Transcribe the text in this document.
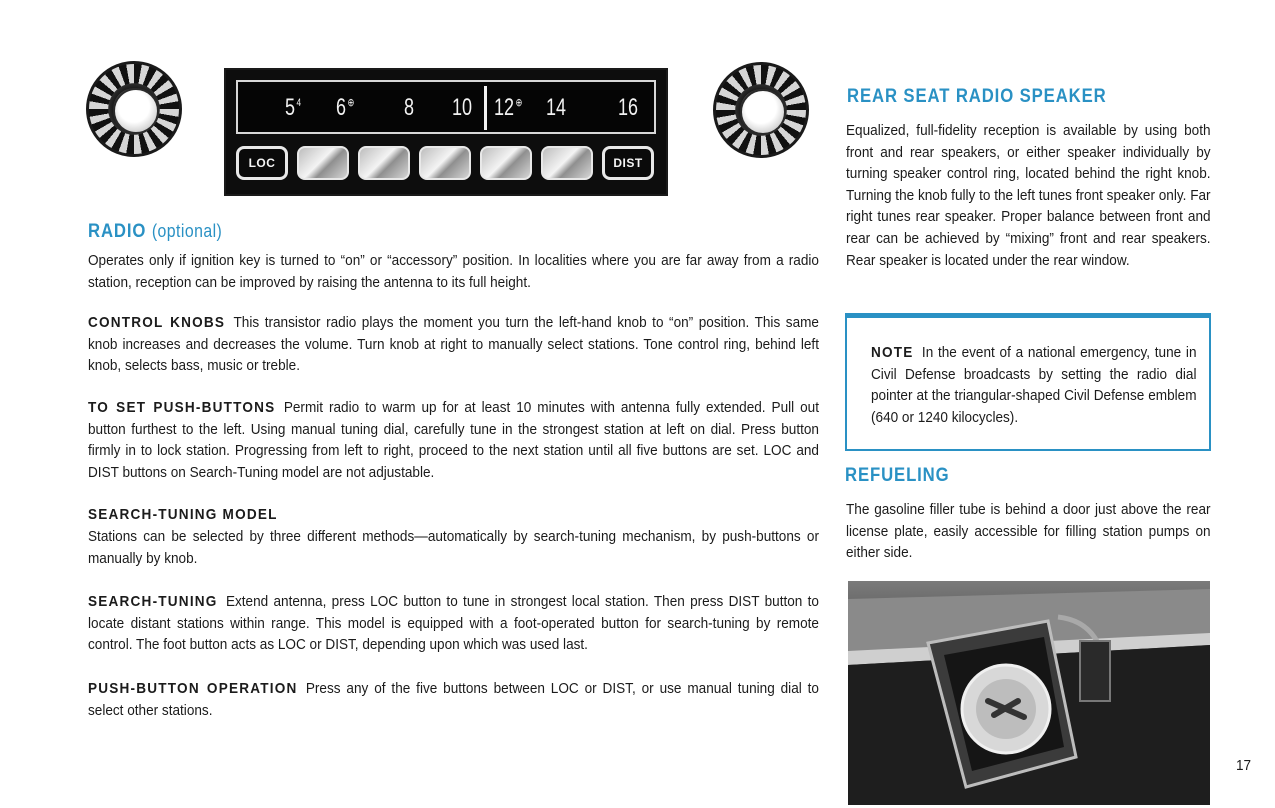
5 $^4$ 6 ⊕ 8 10 12 ⊕ 14 16
LOC	DIST
RADIO (optional)

Operates only if ignition key is turned to “on” or “accessory” position. In localities where you are far away from a radio station, reception can be improved by raising the antenna to its full height.

CONTROL KNOBS This transistor radio plays the moment you turn the left-hand knob to “on” position. This same knob increases and decreases the volume. Turn knob at right to manually select stations. Tone control ring, behind left knob, selects bass, music or treble.

TO SET PUSH-BUTTONS Permit radio to warm up for at least 10 minutes with antenna fully extended. Pull out button furthest to the left. Using manual tuning dial, carefully tune in the strongest station at left on dial. Press button firmly in to lock station. Progressing from left to right, proceed to the next station until all five buttons are set. LOC and DIST buttons on Search-Tuning model are not adjustable.

SEARCH-TUNING MODEL

Stations can be selected by three different methods—automatically by search-tuning mechanism, by push-buttons or manually by knob.

SEARCH-TUNING Extend antenna, press LOC button to tune in strongest local station. Then press DIST button to locate distant stations within range. This model is equipped with a foot-operated button for search-tuning by remote control. The foot button acts as LOC or DIST, depending upon which was used last.

PUSH-BUTTON OPERATION Press any of the five buttons between LOC or DIST, or use manual tuning dial to select other stations.

REAR SEAT RADIO SPEAKER

Equalized, full-fidelity reception is available by using both front and rear speakers, or either speaker individually by turning speaker control ring, located behind the right knob. Turning the knob fully to the left tunes front speaker only. Far right tunes rear speaker. Proper balance between front and rear can be achieved by “mixing” front and rear speakers. Rear speaker is located under the rear window.

NOTE In the event of a national emergency, tune in Civil Defense broadcasts by setting the radio dial pointer at the triangular-shaped Civil Defense emblem (640 or 1240 kilocycles).

REFUELING

The gasoline filler tube is behind a door just above the rear license plate, easily accessible for filling station pumps on either side.

17
